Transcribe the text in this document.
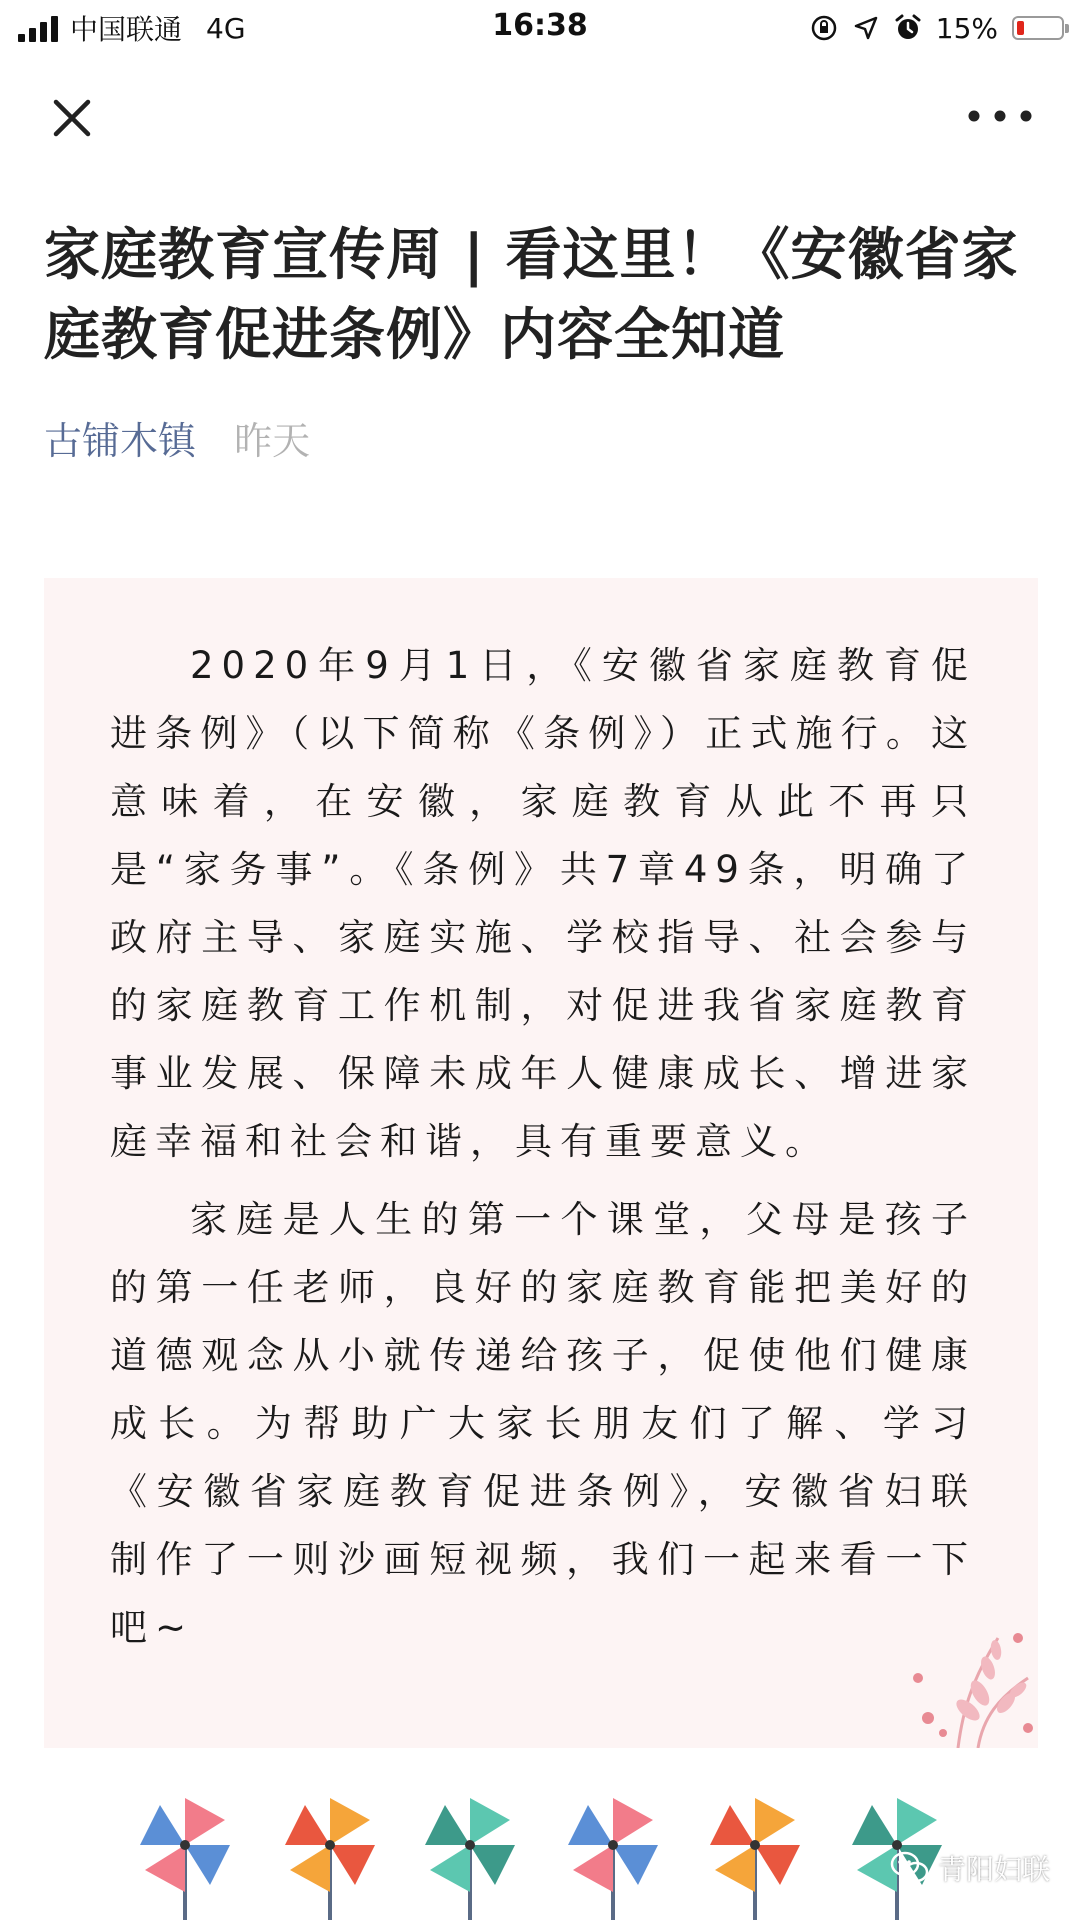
中国联通 4G	16:38	15%
家庭教育宣传周 | 看这里！《安徽省家庭教育促进条例》内容全知道
古铺木镇 昨天

2020年9月1日，《安徽省家庭教育促进条例》（以下简称《条例》）正式施行。这意味着，在安徽，家庭教育从此不再只是“家务事”。《条例》共7章49条，明确了政府主导、家庭实施、学校指导、社会参与的家庭教育工作机制，对促进我省家庭教育事业发展、保障未成年人健康成长、增进家庭幸福和社会和谐，具有重要意义。

家庭是人生的第一个课堂，父母是孩子的第一任老师，良好的家庭教育能把美好的道德观念从小就传递给孩子，促使他们健康成长。为帮助广大家长朋友们了解、学习《安徽省家庭教育促进条例》，安徽省妇联制作了一则沙画短视频，我们一起来看一下吧~

青阳妇联
